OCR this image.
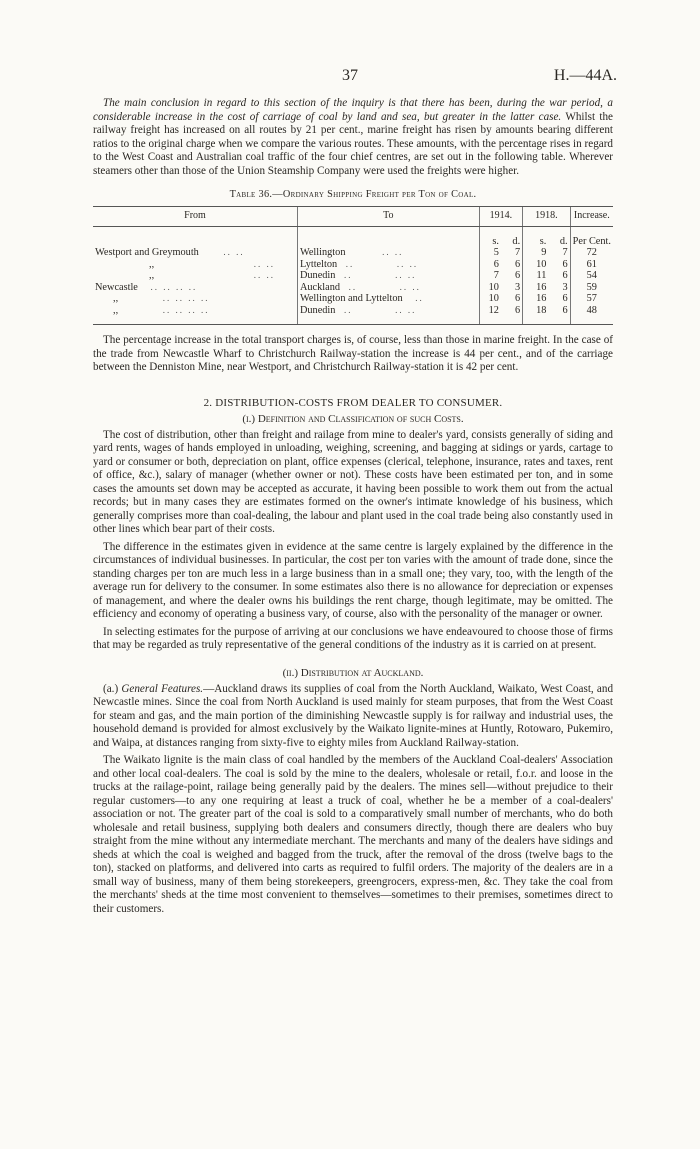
37	H.—44A.

The main conclusion in regard to this section of the inquiry is that there has been, during the war period, a considerable increase in the cost of carriage of coal by land and sea, but greater in the latter case. Whilst the railway freight has increased on all routes by 21 per cent., marine freight has risen by amounts bearing different ratios to the original charge when we compare the various routes. These amounts, with the percentage rises in regard to the West Coast and Australian coal traffic of the four chief centres, are set out in the following table. Wherever steamers other than those of the Union Steamship Company were used the freights were higher.

Table 36.—Ordinary Shipping Freight per Ton of Coal.
From	To	1914.		1918.		Increase.
		s.	d.	s.	d.	Per Cent.
Westport and Greymouth .. ..	Wellington .. ..	5	7	9	7	72
,, .. ..	Lyttelton .. .. ..	6	6	10	6	61
,, .. ..	Dunedin .. .. ..	7	6	11	6	54
Newcastle .. .. .. ..	Auckland .. .. ..	10	3	16	3	59
,, .. .. .. ..	Wellington and Lyttelton ..	10	6	16	6	57
,, .. .. .. ..	Dunedin .. .. ..	12	6	18	6	48

The percentage increase in the total transport charges is, of course, less than those in marine freight. In the case of the trade from Newcastle Wharf to Christchurch Railway-station the increase is 44 per cent., and of the carriage between the Denniston Mine, near Westport, and Christchurch Railway-station it is 42 per cent.

2. DISTRIBUTION-COSTS FROM DEALER TO CONSUMER.
(i.) Definition and Classification of such Costs.

The cost of distribution, other than freight and railage from mine to dealer's yard, consists generally of siding and yard rents, wages of hands employed in unloading, weighing, screening, and bagging at sidings or yards, cartage to yard or consumer or both, depreciation on plant, office expenses (clerical, telephone, insurance, rates and taxes, rent of office, &c.), salary of manager (whether owner or not). These costs have been estimated per ton, and in some cases the amounts set down may be accepted as accurate, it having been possible to work them out from the actual records; but in many cases they are estimates formed on the owner's intimate knowledge of his business, which generally comprises more than coal-dealing, the labour and plant used in the coal trade being also constantly used in other lines which bear part of their costs.

The difference in the estimates given in evidence at the same centre is largely explained by the difference in the circumstances of individual businesses. In particular, the cost per ton varies with the amount of trade done, since the standing charges per ton are much less in a large business than in a small one; they vary, too, with the length of the average run for delivery to the consumer. In some estimates also there is no allowance for depreciation or expenses of management, and where the dealer owns his buildings the rent charge, though legitimate, may be omitted. The efficiency and economy of operating a business vary, of course, also with the personality of the manager or owner.

In selecting estimates for the purpose of arriving at our conclusions we have endeavoured to choose those of firms that may be regarded as truly representative of the general conditions of the industry as it is carried on at present.

(ii.) Distribution at Auckland.

(a.) General Features.—Auckland draws its supplies of coal from the North Auckland, Waikato, West Coast, and Newcastle mines. Since the coal from North Auckland is used mainly for steam purposes, that from the West Coast for steam and gas, and the main portion of the diminishing Newcastle supply is for railway and industrial uses, the household demand is provided for almost exclusively by the Waikato lignite-mines at Huntly, Rotowaro, Pukemiro, and Waipa, at distances ranging from sixty-five to eighty miles from Auckland Railway-station.

The Waikato lignite is the main class of coal handled by the members of the Auckland Coal-dealers' Association and other local coal-dealers. The coal is sold by the mine to the dealers, wholesale or retail, f.o.r. and loose in the trucks at the railage-point, railage being generally paid by the dealers. The mines sell—without prejudice to their regular customers—to any one requiring at least a truck of coal, whether he be a member of a coal-dealers' association or not. The greater part of the coal is sold to a comparatively small number of merchants, who do both wholesale and retail business, supplying both dealers and consumers directly, though there are dealers who buy straight from the mine without any intermediate merchant. The merchants and many of the dealers have sidings and sheds at which the coal is weighed and bagged from the truck, after the removal of the dross (twelve bags to the ton), stacked on platforms, and delivered into carts as required to fulfil orders. The majority of the dealers are in a small way of business, many of them being storekeepers, greengrocers, express-men, &c. They take the coal from the merchants' sheds at the time most convenient to themselves—sometimes to their premises, sometimes direct to their customers.
